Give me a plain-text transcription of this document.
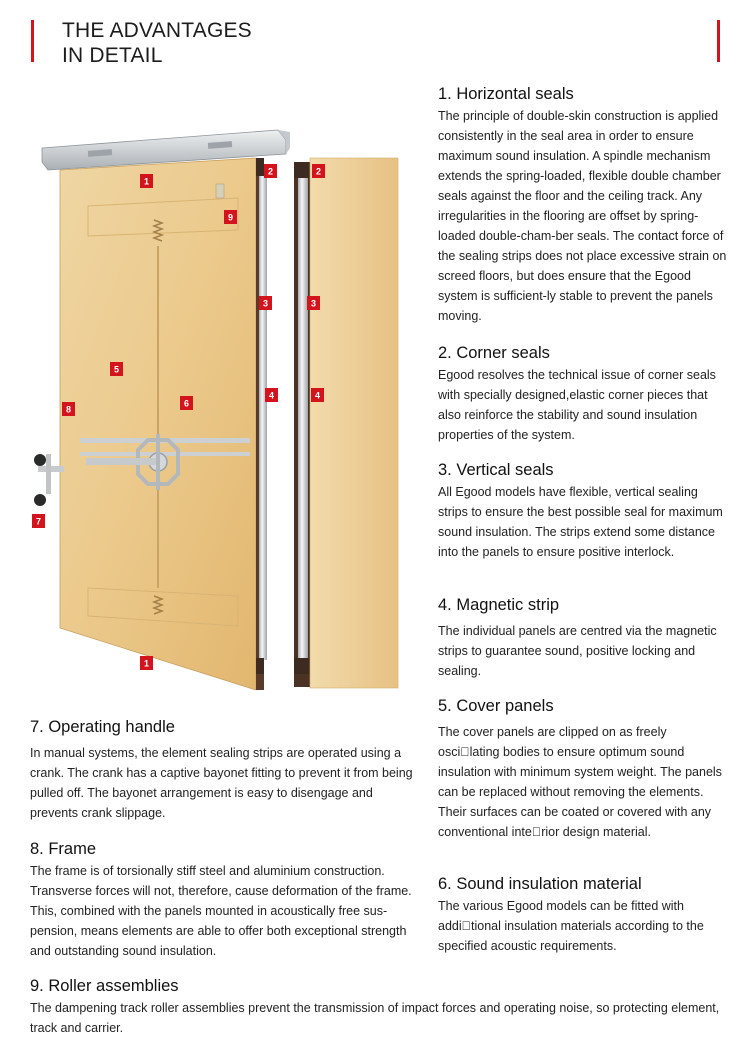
THE ADVANTAGES
IN DETAIL
1
2	2
9
3	3
5
4	4
6
8
7
1
1. Horizontal seals

The principle of double-skin construction is applied consistently in the seal area in order to ensure maximum sound insulation. A spindle mechanism extends the spring-loaded, flexible double chamber seals against the floor and the ceiling track. Any irregularities in the flooring are offset by spring-loaded double-cham-ber seals. The contact force of the sealing strips does not place excessive strain on screed floors, but does ensure that the Egood system is sufficient-ly stable to prevent the panels moving.

2. Corner seals

Egood resolves the technical issue of corner seals with specially designed,elastic corner pieces that also reinforce the stability and sound insulation properties of the system.

3. Vertical seals

All Egood models have flexible, vertical sealing strips to ensure the best possible seal for maximum sound insulation. The strips extend some distance into the panels to ensure positive interlock.

4. Magnetic strip

The individual panels are centred via the magnetic strips to guarantee sound, positive locking and sealing.

5. Cover panels

The cover panels are clipped on as freely osci lating bodies to ensure optimum sound insulation with minimum system weight. The panels can be replaced without removing the elements. Their surfaces can be coated or covered with any conventional inte rior design material.

6. Sound insulation material

The various Egood models can be fitted with addi tional insulation materials according to the specified acoustic requirements.

7. Operating handle

In manual systems, the element sealing strips are operated using a crank. The crank has a captive bayonet fitting to prevent it from being pulled off. The bayonet arrangement is easy to disengage and prevents crank slippage.

8. Frame

The frame is of torsionally stiff steel and aluminium construction. Transverse forces will not, therefore, cause deformation of the frame. This, combined with the panels mounted in acoustically free sus- pension, means elements are able to offer both exceptional strength and outstanding sound insulation.

9. Roller assemblies

The dampening track roller assemblies prevent the transmission of impact forces and operating noise, so protecting element, track and carrier.
